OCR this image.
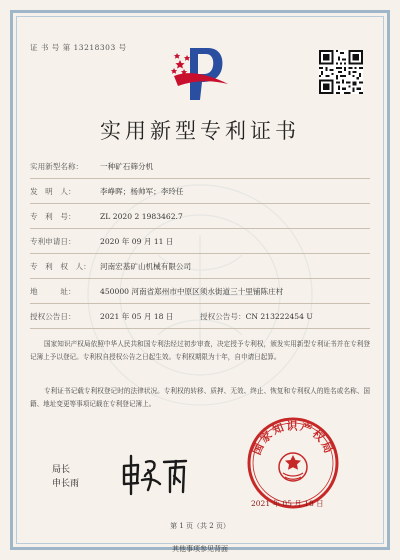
证 书 号 第 13218303 号
实用新型专利证书
实用新型名称： 一种矿石筛分机
发　明　人：	李峥晖；杨帅军；李玲任
专　利　号：	ZL 2020 2 1983462.7
专利申请日：	2020 年 09 月 11 日
专　利　权　人： 河南宏基矿山机械有限公司
地　　　址：	450000 河南省郑州市中原区须水街道三十里铺陈庄村
授权公告日：	2021 年 05 月 18 日	授权公告号：CN 213222454 U
国家知识产权局依照中华人民共和国专利法经过初步审查，决定授予专利权，颁发实用新型专利证书并在专利登记簿上予以登记。专利权自授权公告之日起生效。专利权期限为十年，自申请日起算。
专利证书记载专利权登记时的法律状况。专利权的转移、质押、无效、终止、恢复和专利权人的姓名或名称、国籍、地址变更等事项记载在专利登记簿上。
局长
申长雨
国家知识产权局
2021 年 05 月 18 日
第 1 页（共 2 页）
其他事项参见背面
